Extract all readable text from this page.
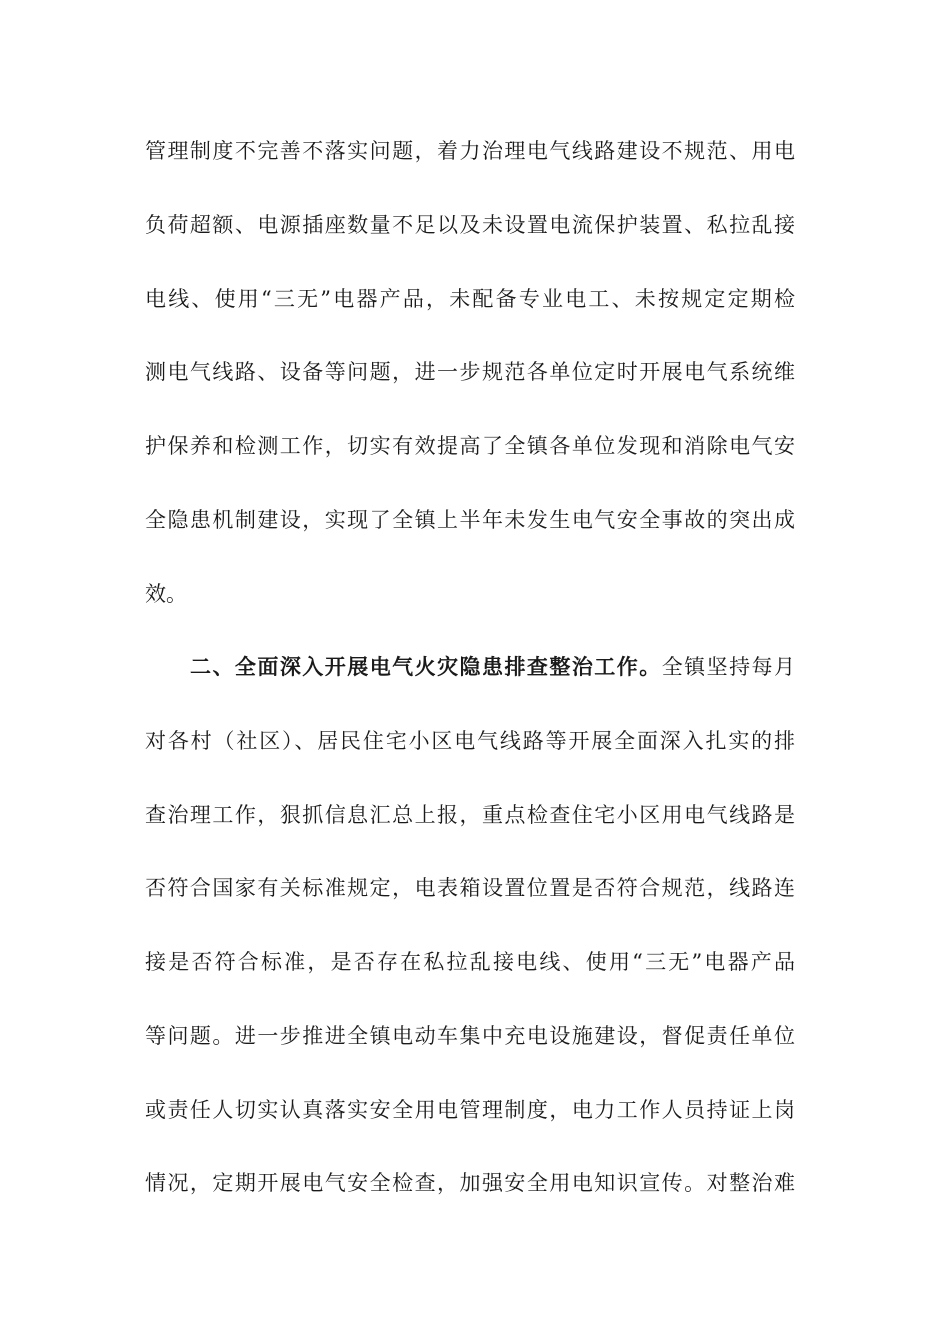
管理制度不完善不落实问题，着力治理电气线路建设不规范、用电
负荷超额、电源插座数量不足以及未设置电流保护装置、私拉乱接
电线、使用“三无”电器产品，未配备专业电工、未按规定定期检
测电气线路、设备等问题，进一步规范各单位定时开展电气系统维
护保养和检测工作，切实有效提高了全镇各单位发现和消除电气安
全隐患机制建设，实现了全镇上半年未发生电气安全事故的突出成
效。
二、全面深入开展电气火灾隐患排查整治工作。全镇坚持每月
对各村（社区）、居民住宅小区电气线路等开展全面深入扎实的排
查治理工作，狠抓信息汇总上报，重点检查住宅小区用电气线路是
否符合国家有关标准规定，电表箱设置位置是否符合规范，线路连
接是否符合标准，是否存在私拉乱接电线、使用“三无”电器产品
等问题。进一步推进全镇电动车集中充电设施建设，督促责任单位
或责任人切实认真落实安全用电管理制度，电力工作人员持证上岗
情况，定期开展电气安全检查，加强安全用电知识宣传。对整治难
